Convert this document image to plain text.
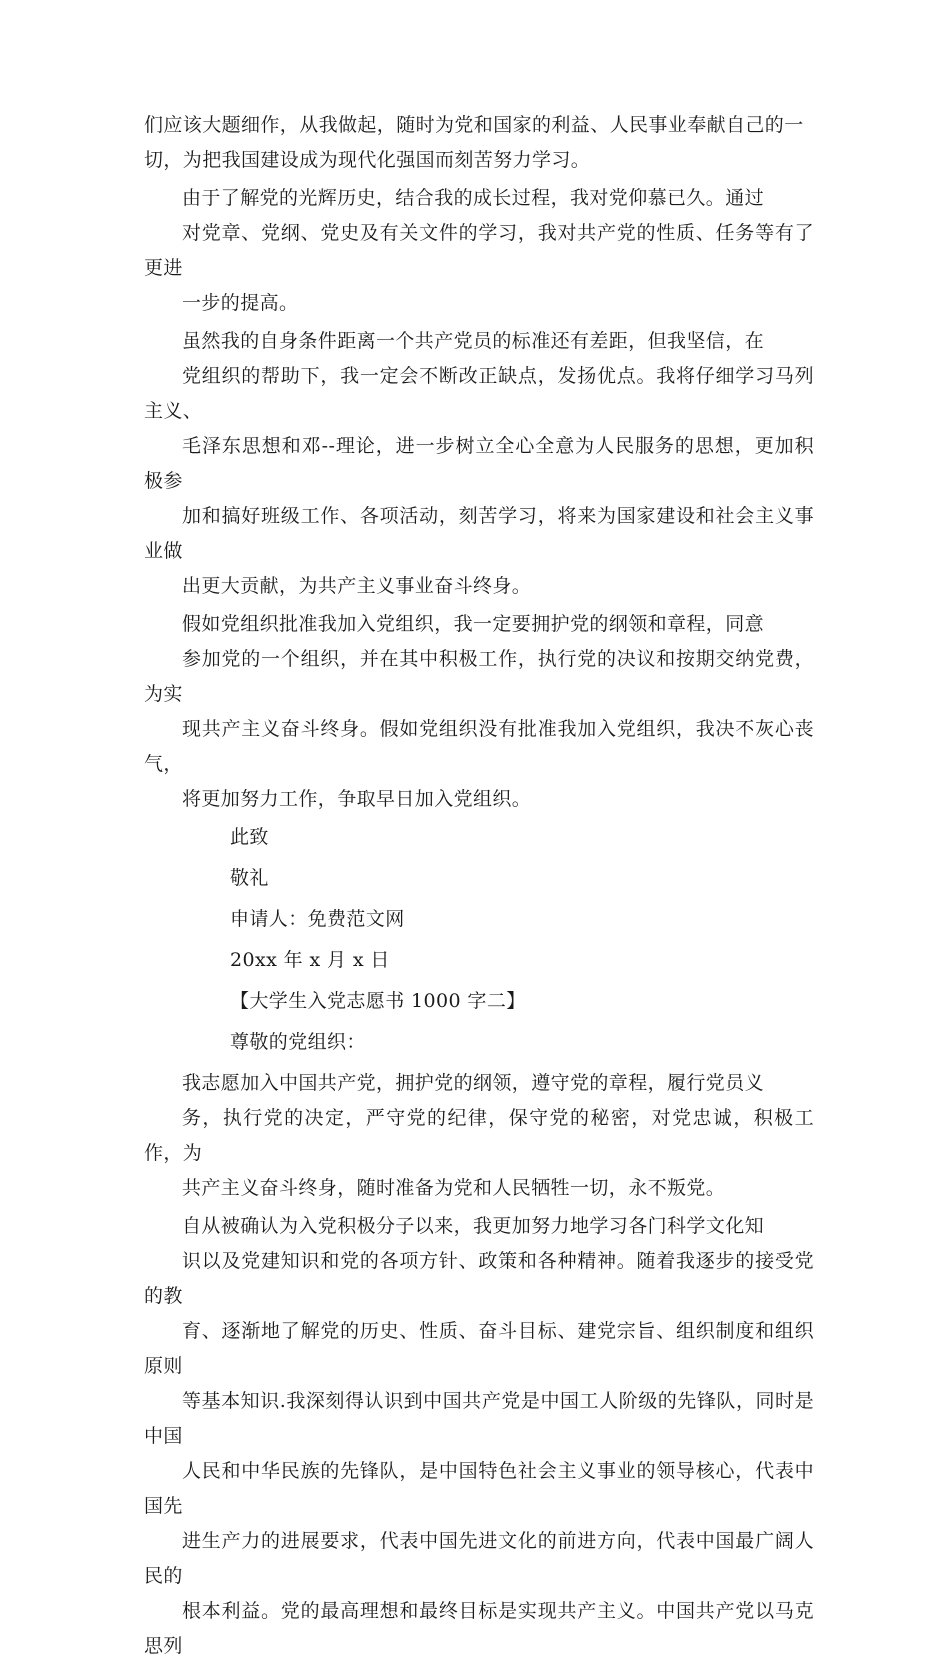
们应该大题细作，从我做起，随时为党和国家的利益、人民事业奉献自己的一
切，为把我国建设成为现代化强国而刻苦努力学习。
由于了解党的光辉历史，结合我的成长过程，我对党仰慕已久。通过
对党章、党纲、党史及有关文件的学习，我对共产党的性质、任务等有了更进
一步的提高。
虽然我的自身条件距离一个共产党员的标准还有差距，但我坚信，在
党组织的帮助下，我一定会不断改正缺点，发扬优点。我将仔细学习马列主义、
毛泽东思想和邓--理论，进一步树立全心全意为人民服务的思想，更加积极参
加和搞好班级工作、各项活动，刻苦学习，将来为国家建设和社会主义事业做
出更大贡献，为共产主义事业奋斗终身。
假如党组织批准我加入党组织，我一定要拥护党的纲领和章程，同意
参加党的一个组织，并在其中积极工作，执行党的决议和按期交纳党费，为实
现共产主义奋斗终身。假如党组织没有批准我加入党组织，我决不灰心丧气，
将更加努力工作，争取早日加入党组织。
此致
敬礼
申请人：免费范文网
20xx 年 x 月 x 日
【大学生入党志愿书 1000 字二】
尊敬的党组织：
我志愿加入中国共产党，拥护党的纲领，遵守党的章程，履行党员义
务，执行党的决定，严守党的纪律，保守党的秘密，对党忠诚，积极工作，为
共产主义奋斗终身，随时准备为党和人民牺牲一切，永不叛党。
自从被确认为入党积极分子以来，我更加努力地学习各门科学文化知
识以及党建知识和党的各项方针、政策和各种精神。随着我逐步的接受党的教
育、逐渐地了解党的历史、性质、奋斗目标、建党宗旨、组织制度和组织原则
等基本知识.我深刻得认识到中国共产党是中国工人阶级的先锋队，同时是中国
人民和中华民族的先锋队，是中国特色社会主义事业的领导核心，代表中国先
进生产力的进展要求，代表中国先进文化的前进方向，代表中国最广阔人民的
根本利益。党的最高理想和最终目标是实现共产主义。中国共产党以马克思列
